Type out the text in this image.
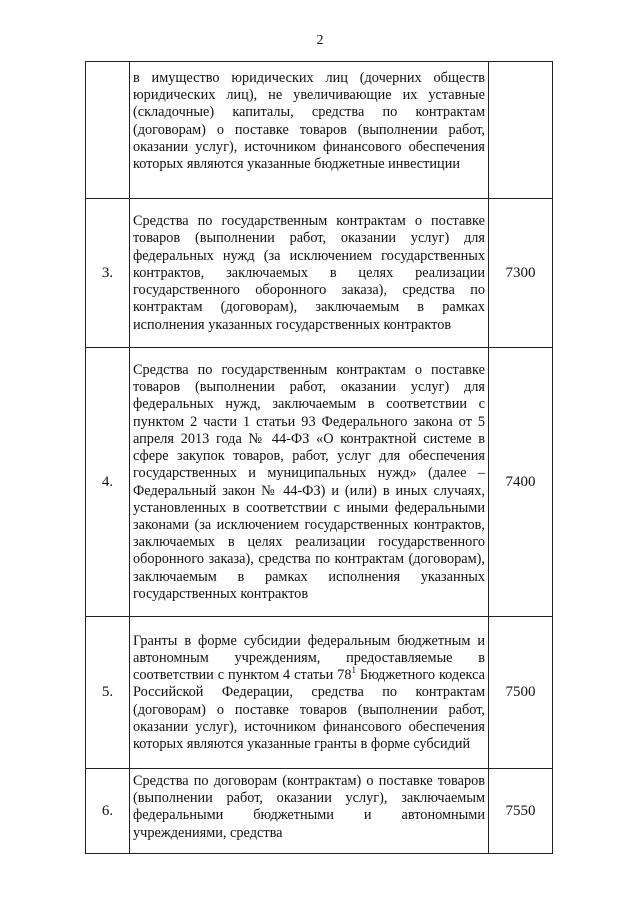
2
	в имущество юридических лиц (дочерних обществ юридических лиц), не увеличивающие их уставные (складочные) капиталы, средства по контрактам (договорам) о поставке товаров (выполнении работ, оказании услуг), источником финансового обеспечения которых являются указанные бюджетные инвестиции	
3.	Средства по государственным контрактам о поставке товаров (выполнении работ, оказании услуг) для федеральных нужд (за исключением государственных контрактов, заключаемых в целях реализации государственного оборонного заказа), средства по контрактам (договорам), заключаемым в рамках исполнения указанных государственных контрактов	7300
4.	Средства по государственным контрактам о поставке товаров (выполнении работ, оказании услуг) для федеральных нужд, заключаемым в соответствии с пунктом 2 части 1 статьи 93 Федерального закона от 5 апреля 2013 года № 44-ФЗ «О контрактной системе в сфере закупок товаров, работ, услуг для обеспечения государственных и муниципальных нужд» (далее – Федеральный закон № 44-ФЗ) и (или) в иных случаях, установленных в соответствии с иными федеральными законами (за исключением государственных контрактов, заключаемых в целях реализации государственного оборонного заказа), средства по контрактам (договорам), заключаемым в рамках исполнения указанных государственных контрактов	7400
5.	Гранты в форме субсидии федеральным бюджетным и автономным учреждениям, предоставляемые в соответствии с пунктом 4 статьи 78$^1$ Бюджетного кодекса Российской Федерации, средства по контрактам (договорам) о поставке товаров (выполнении работ, оказании услуг), источником финансового обеспечения которых являются указанные гранты в форме субсидий	7500
6.	Средства по договорам (контрактам) о поставке товаров (выполнении работ, оказании услуг), заключаемым федеральными бюджетными и автономными учреждениями, средства	7550
